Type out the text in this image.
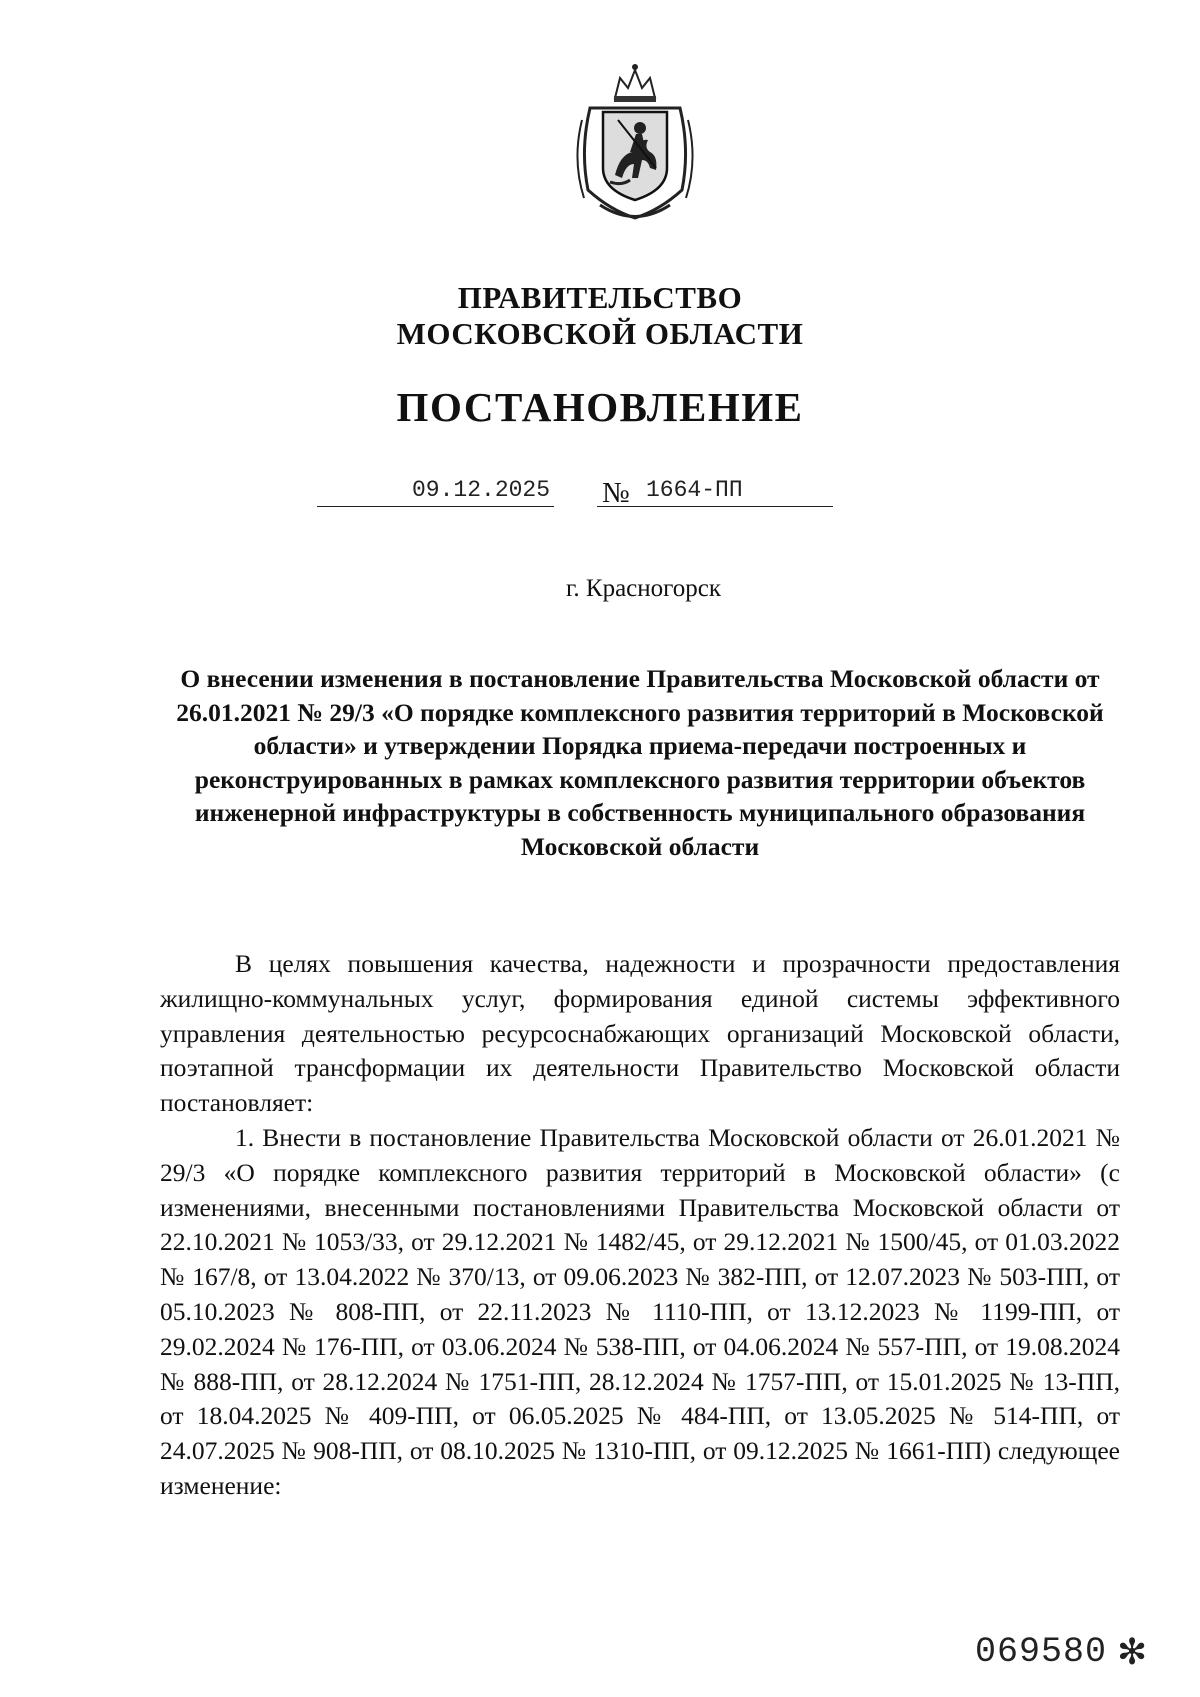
ПРАВИТЕЛЬСТВО
МОСКОВСКОЙ ОБЛАСТИ
ПОСТАНОВЛЕНИЕ
09.12.2025 № 1664-ПП
г. Красногорск
О внесении изменения в постановление Правительства Московской области от 26.01.2021 № 29/3 «О порядке комплексного развития территорий в Московской области» и утверждении Порядка приема-передачи построенных и реконструированных в рамках комплексного развития территории объектов инженерной инфраструктуры в собственность муниципального образования Московской области

В целях повышения качества, надежности и прозрачности предоставления жилищно-коммунальных услуг, формирования единой системы эффективного управления деятельностью ресурсоснабжающих организаций Московской области, поэтапной трансформации их деятельности Правительство Московской области постановляет:

1. Внести в постановление Правительства Московской области от 26.01.2021 № 29/3 «О порядке комплексного развития территорий в Московской области» (с изменениями, внесенными постановлениями Правительства Московской области от 22.10.2021 № 1053/33, от 29.12.2021 № 1482/45, от 29.12.2021 № 1500/45, от 01.03.2022 № 167/8, от 13.04.2022 № 370/13, от 09.06.2023 № 382-ПП, от 12.07.2023 № 503-ПП, от 05.10.2023 № 808-ПП, от 22.11.2023 № 1110-ПП, от 13.12.2023 № 1199-ПП, от 29.02.2024 № 176-ПП, от 03.06.2024 № 538-ПП, от 04.06.2024 № 557-ПП, от 19.08.2024 № 888-ПП, от 28.12.2024 № 1751-ПП, 28.12.2024 № 1757-ПП, от 15.01.2025 № 13-ПП, от 18.04.2025 № 409-ПП, от 06.05.2025 № 484-ПП, от 13.05.2025 № 514-ПП, от 24.07.2025 № 908-ПП, от 08.10.2025 № 1310-ПП, от 09.12.2025 № 1661-ПП) следующее изменение:

069580 ✻
